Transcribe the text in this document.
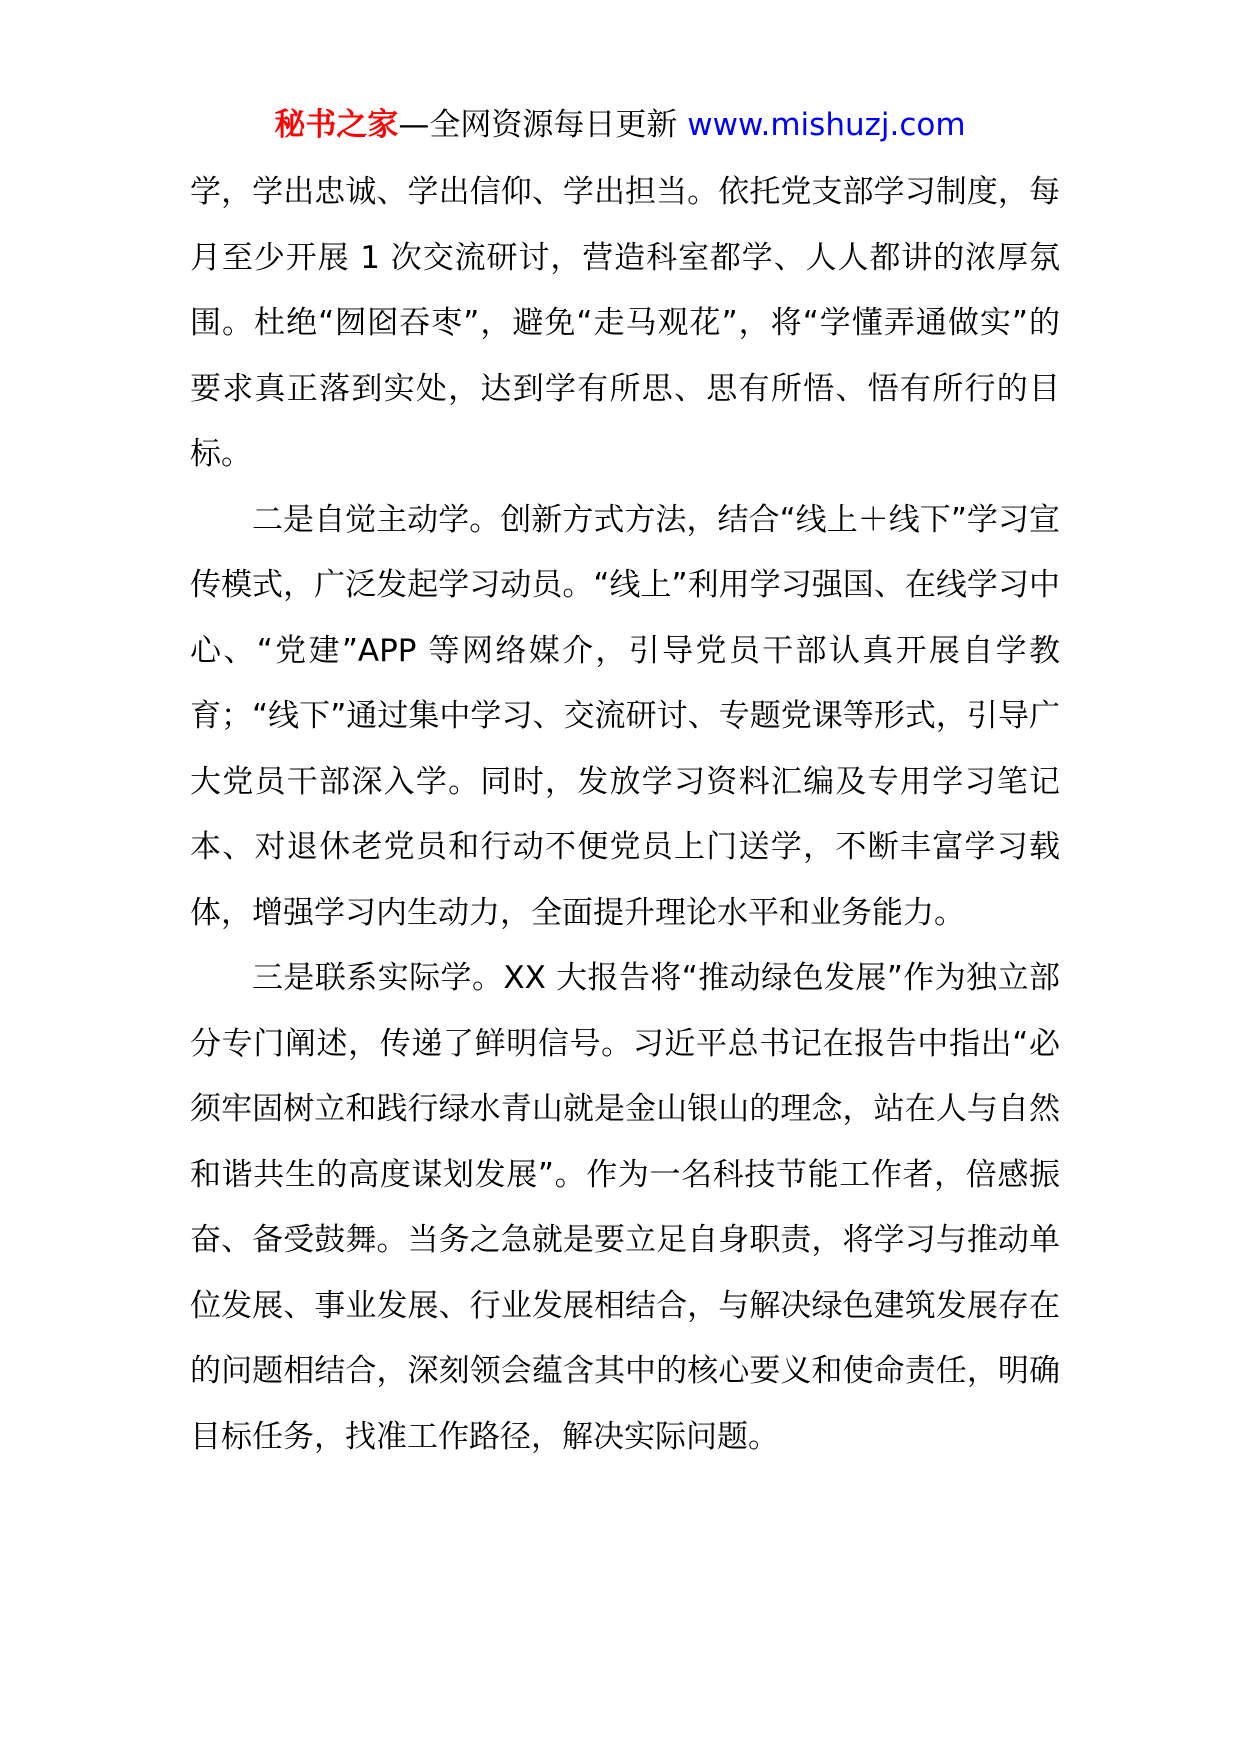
秘书之家—全网资源每日更新 www.mishuzj.com

学，学出忠诚、学出信仰、学出担当。依托党支部学习制度，每月至少开展 1 次交流研讨，营造科室都学、人人都讲的浓厚氛围。杜绝“囫囵吞枣”，避免“走马观花”，将“学懂弄通做实”的要求真正落到实处，达到学有所思、思有所悟、悟有所行的目标。

二是自觉主动学。创新方式方法，结合“线上＋线下”学习宣传模式，广泛发起学习动员。“线上”利用学习强国、在线学习中心、“党建”APP 等网络媒介，引导党员干部认真开展自学教育；“线下”通过集中学习、交流研讨、专题党课等形式，引导广大党员干部深入学。同时，发放学习资料汇编及专用学习笔记本、对退休老党员和行动不便党员上门送学，不断丰富学习载体，增强学习内生动力，全面提升理论水平和业务能力。

三是联系实际学。XX 大报告将“推动绿色发展”作为独立部分专门阐述，传递了鲜明信号。习近平总书记在报告中指出“必须牢固树立和践行绿水青山就是金山银山的理念，站在人与自然和谐共生的高度谋划发展”。作为一名科技节能工作者，倍感振奋、备受鼓舞。当务之急就是要立足自身职责，将学习与推动单位发展、事业发展、行业发展相结合，与解决绿色建筑发展存在的问题相结合，深刻领会蕴含其中的核心要义和使命责任，明确目标任务，找准工作路径，解决实际问题。
